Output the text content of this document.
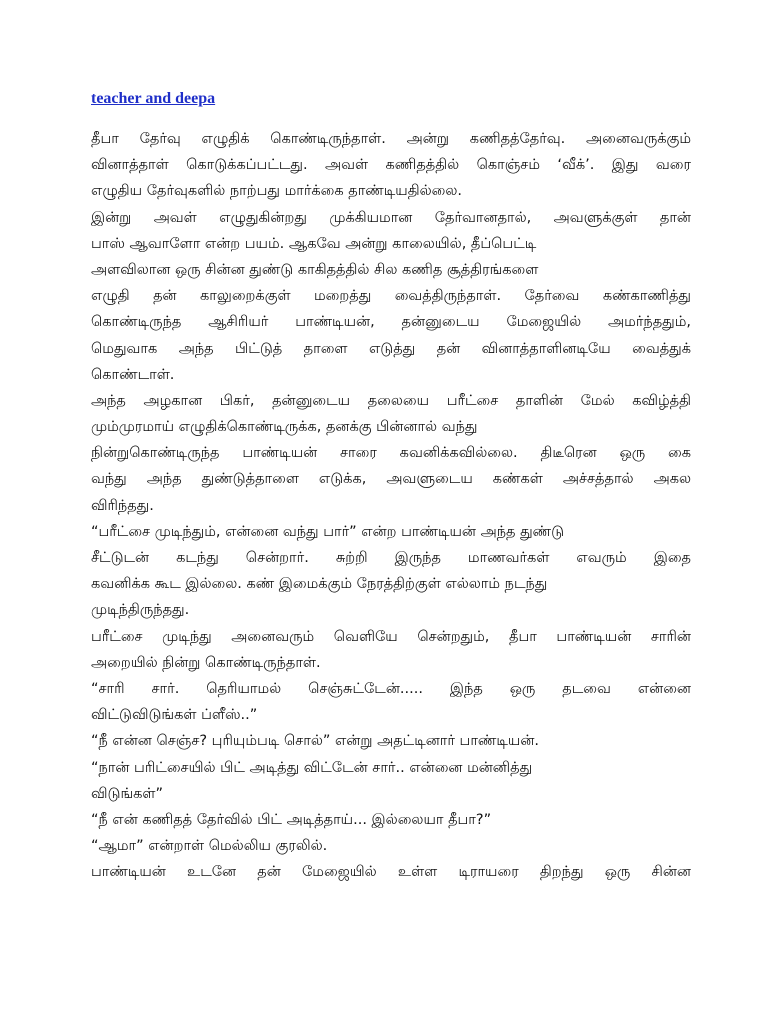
teacher and deepa
தீபா தேர்வு எழுதிக் கொண்டிருந்தாள். அன்று கணிதத்தேர்வு. அனைவருக்கும்
வினாத்தாள் கொடுக்கப்பட்டது. அவள் கணிதத்தில் கொஞ்சம் ‘வீக்’. இது வரை
எழுதிய தேர்வுகளில் நாற்பது மார்க்கை தாண்டியதில்லை.
இன்று அவள் எழுதுகின்றது முக்கியமான தேர்வானதால், அவளுக்குள் தான்
பாஸ் ஆவாளோ என்ற பயம். ஆகவே அன்று காலையில், தீப்பெட்டி
அளவிலான ஒரு சின்ன துண்டு காகிதத்தில் சில கணித சூத்திரங்களை
எழுதி தன் காலுறைக்குள் மறைத்து வைத்திருந்தாள். தேர்வை கண்காணித்து
கொண்டிருந்த ஆசிரியர் பாண்டியன், தன்னுடைய மேஜையில் அமர்ந்ததும்,
மெதுவாக அந்த பிட்டுத் தாளை எடுத்து தன் வினாத்தாளினடியே வைத்துக்
கொண்டாள்.
அந்த அழகான பிகர், தன்னுடைய தலையை பரீட்சை தாளின் மேல் கவிழ்த்தி
மும்முரமாய் எழுதிக்கொண்டிருக்க, தனக்கு பின்னால் வந்து
நின்றுகொண்டிருந்த பாண்டியன் சாரை கவனிக்கவில்லை. திடீரென ஒரு கை
வந்து அந்த துண்டுத்தாளை எடுக்க, அவளுடைய கண்கள் அச்சத்தால் அகல
விரிந்தது.
“பரீட்சை முடிந்தும், என்னை வந்து பார்” என்ற பாண்டியன் அந்த துண்டு
சீட்டுடன் கடந்து சென்றார். சுற்றி இருந்த மாணவர்கள் எவரும் இதை
கவனிக்க கூட இல்லை. கண் இமைக்கும் நேரத்திற்குள் எல்லாம் நடந்து
முடிந்திருந்தது.
பரீட்சை முடிந்து அனைவரும் வெளியே சென்றதும், தீபா பாண்டியன் சாரின்
அறையில் நின்று கொண்டிருந்தாள்.
“சாரி சார். தெரியாமல் செஞ்சுட்டேன்..... இந்த ஒரு தடவை என்னை
விட்டுவிடுங்கள் ப்ளீஸ்..”
“நீ என்ன செஞ்ச? புரியும்படி சொல்” என்று அதட்டினார் பாண்டியன்.
“நான் பரிட்சையில் பிட் அடித்து விட்டேன் சார்.. என்னை மன்னித்து
விடுங்கள்”
“நீ என் கணிதத் தேர்வில் பிட் அடித்தாய்... இல்லையா தீபா?”
“ஆமா” என்றாள் மெல்லிய குரலில்.
பாண்டியன் உடனே தன் மேஜையில் உள்ள டிராயரை திறந்து ஒரு சின்ன
